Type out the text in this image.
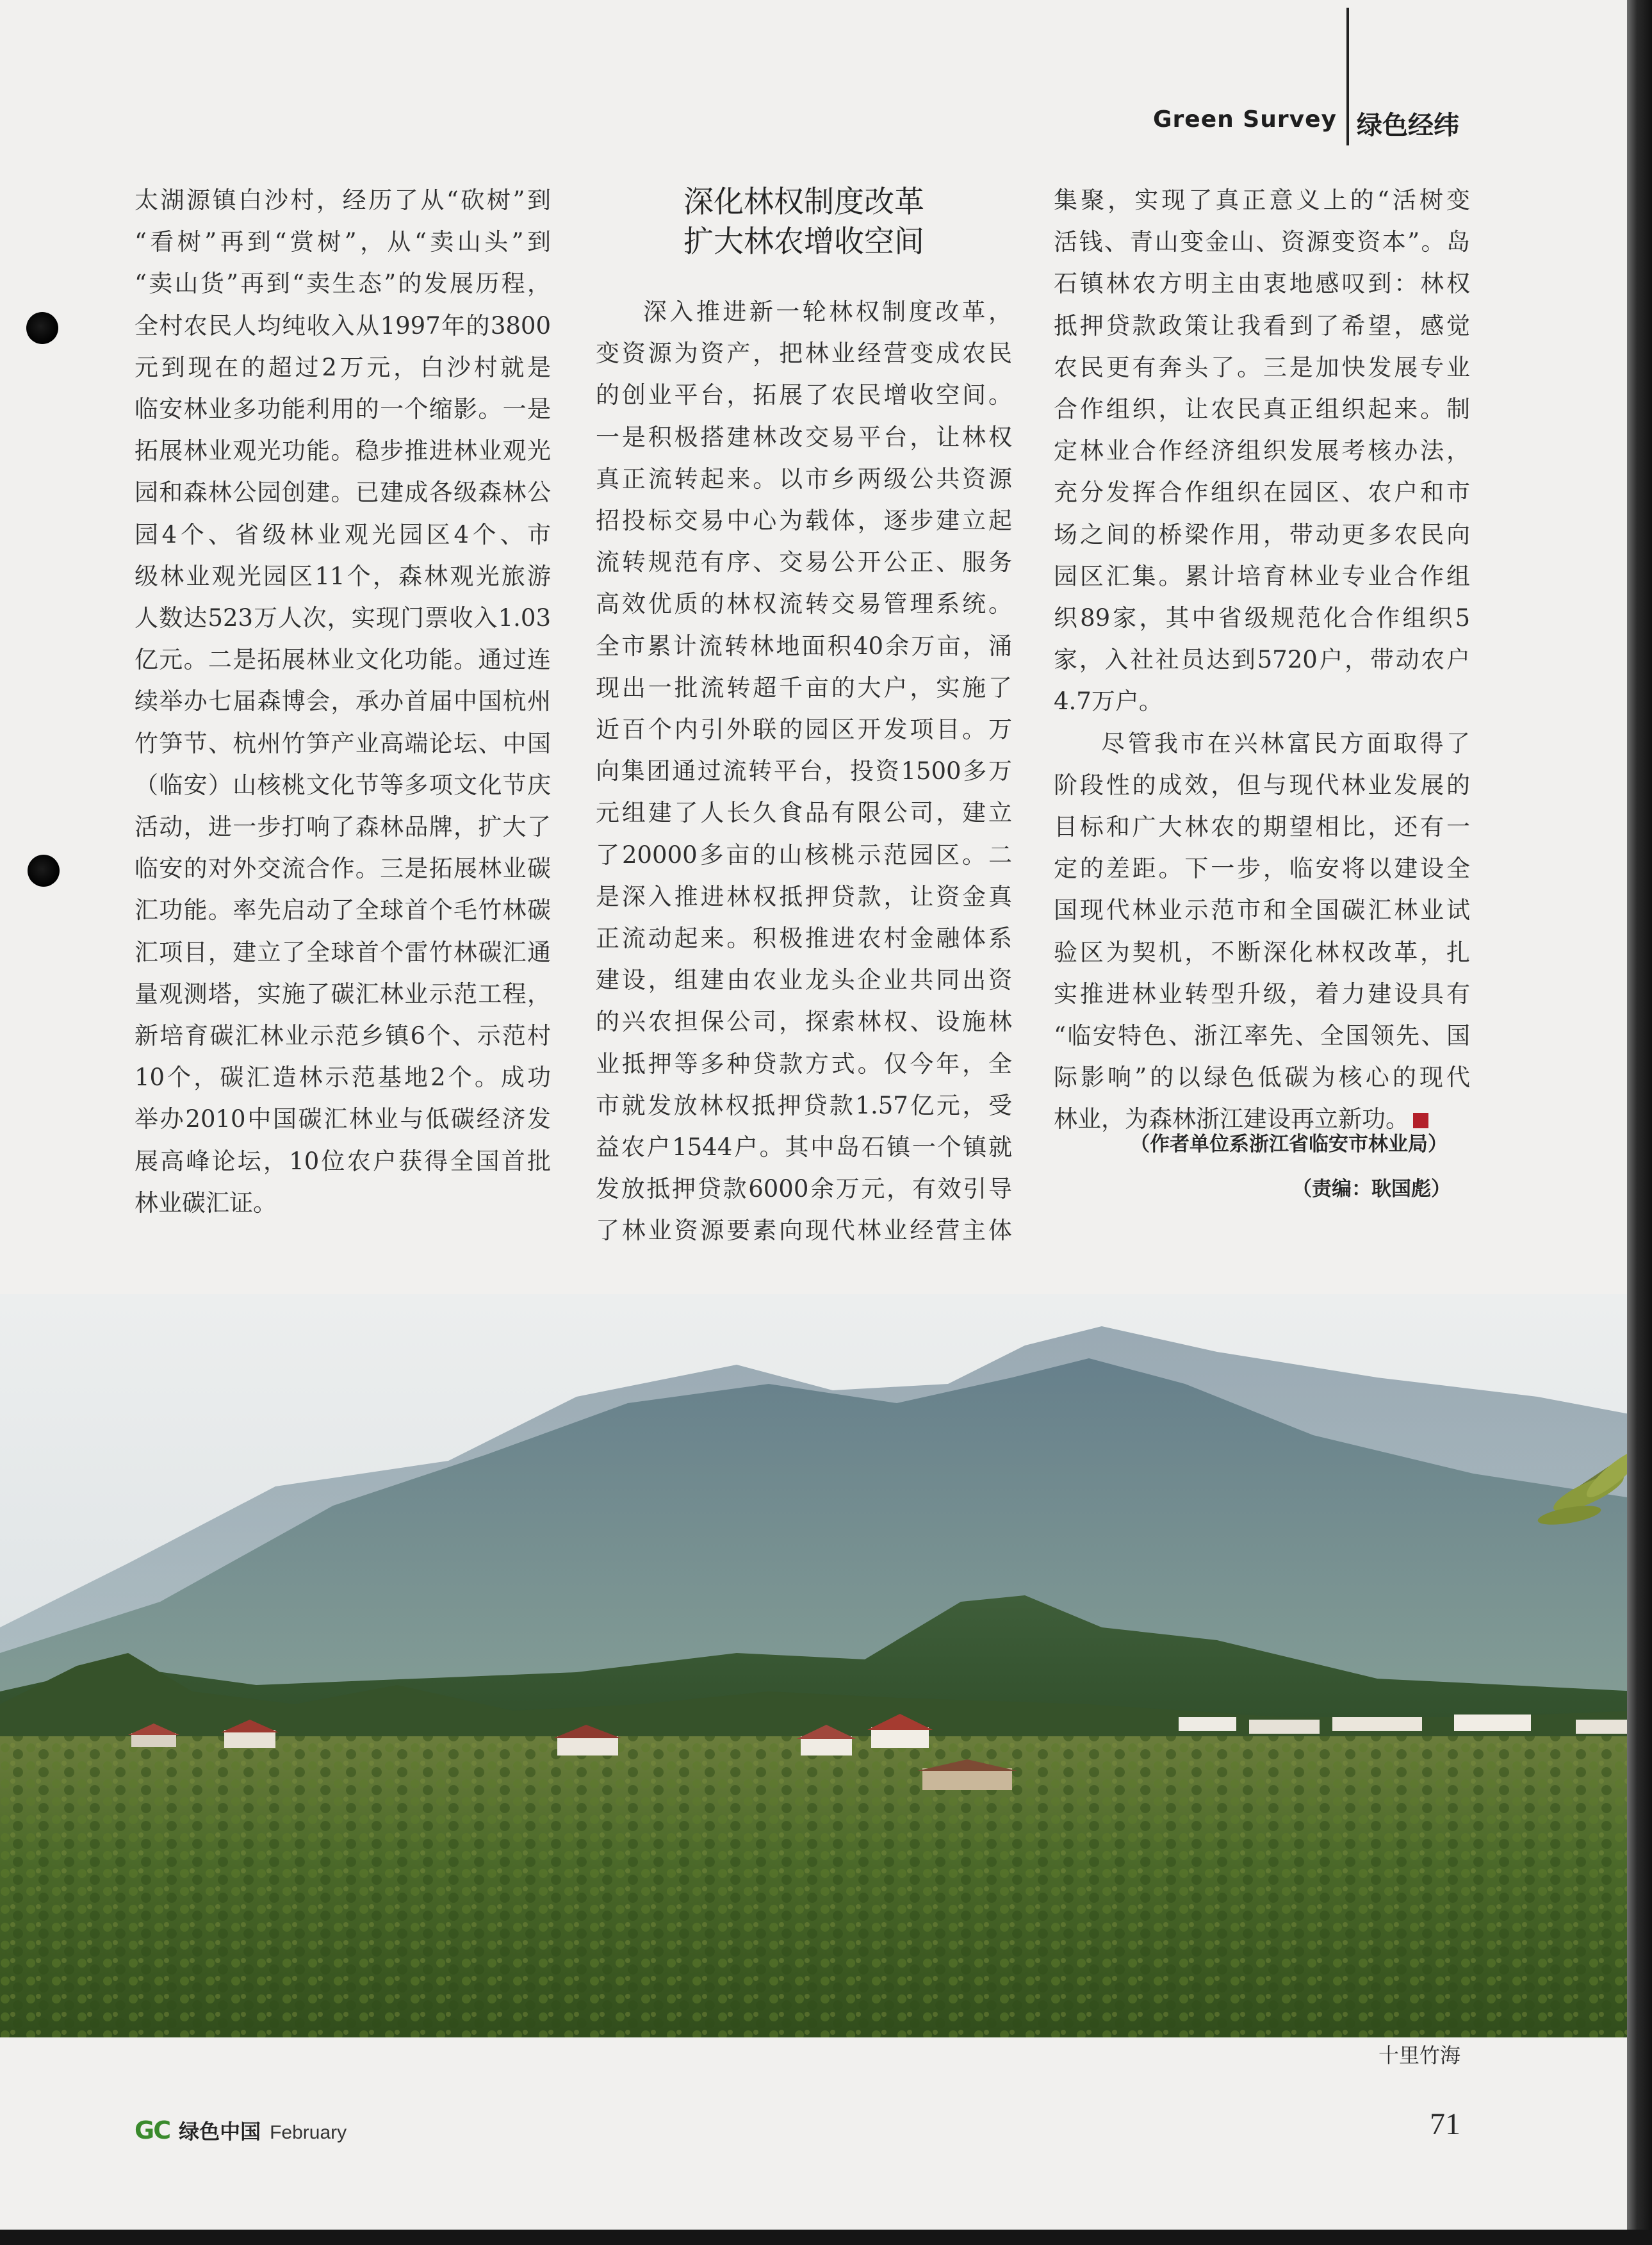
Green Survey 绿色经纬

太湖源镇白沙村，经历了从“砍树”到

“看树”再到“赏树”，从“卖山头”到

“卖山货”再到“卖生态”的发展历程，

全村农民人均纯收入从1997年的3800

元到现在的超过2万元，白沙村就是

临安林业多功能利用的一个缩影。一是

拓展林业观光功能。稳步推进林业观光

园和森林公园创建。已建成各级森林公

园4个、省级林业观光园区4个、市

级林业观光园区11个，森林观光旅游

人数达523万人次，实现门票收入1.03

亿元。二是拓展林业文化功能。通过连

续举办七届森博会，承办首届中国杭州

竹笋节、杭州竹笋产业高端论坛、中国

（临安）山核桃文化节等多项文化节庆

活动，进一步打响了森林品牌，扩大了

临安的对外交流合作。三是拓展林业碳

汇功能。率先启动了全球首个毛竹林碳

汇项目，建立了全球首个雷竹林碳汇通

量观测塔，实施了碳汇林业示范工程，

新培育碳汇林业示范乡镇6个、示范村

10个，碳汇造林示范基地2个。成功

举办2010中国碳汇林业与低碳经济发

展高峰论坛，10位农户获得全国首批

林业碳汇证。

深化林权制度改革
扩大林农增收空间

深入推进新一轮林权制度改革，

变资源为资产，把林业经营变成农民

的创业平台，拓展了农民增收空间。

一是积极搭建林改交易平台，让林权

真正流转起来。以市乡两级公共资源

招投标交易中心为载体，逐步建立起

流转规范有序、交易公开公正、服务

高效优质的林权流转交易管理系统。

全市累计流转林地面积40余万亩，涌

现出一批流转超千亩的大户，实施了

近百个内引外联的园区开发项目。万

向集团通过流转平台，投资1500多万

元组建了人长久食品有限公司，建立

了20000多亩的山核桃示范园区。二

是深入推进林权抵押贷款，让资金真

正流动起来。积极推进农村金融体系

建设，组建由农业龙头企业共同出资

的兴农担保公司，探索林权、设施林

业抵押等多种贷款方式。仅今年，全

市就发放林权抵押贷款1.57亿元，受

益农户1544户。其中岛石镇一个镇就

发放抵押贷款6000余万元，有效引导

了林业资源要素向现代林业经营主体

集聚，实现了真正意义上的“活树变

活钱、青山变金山、资源变资本”。岛

石镇林农方明主由衷地感叹到：林权

抵押贷款政策让我看到了希望，感觉

农民更有奔头了。三是加快发展专业

合作组织，让农民真正组织起来。制

定林业合作经济组织发展考核办法，

充分发挥合作组织在园区、农户和市

场之间的桥梁作用，带动更多农民向

园区汇集。累计培育林业专业合作组

织89家，其中省级规范化合作组织5

家，入社社员达到5720户，带动农户

4.7万户。

尽管我市在兴林富民方面取得了

阶段性的成效，但与现代林业发展的

目标和广大林农的期望相比，还有一

定的差距。下一步，临安将以建设全

国现代林业示范市和全国碳汇林业试

验区为契机，不断深化林权改革，扎

实推进林业转型升级，着力建设具有

“临安特色、浙江率先、全国领先、国

际影响”的以绿色低碳为核心的现代

林业，为森林浙江建设再立新功。

（作者单位系浙江省临安市林业局）
（责编：耿国彪）
十里竹海
GC 绿色中国 February	71
